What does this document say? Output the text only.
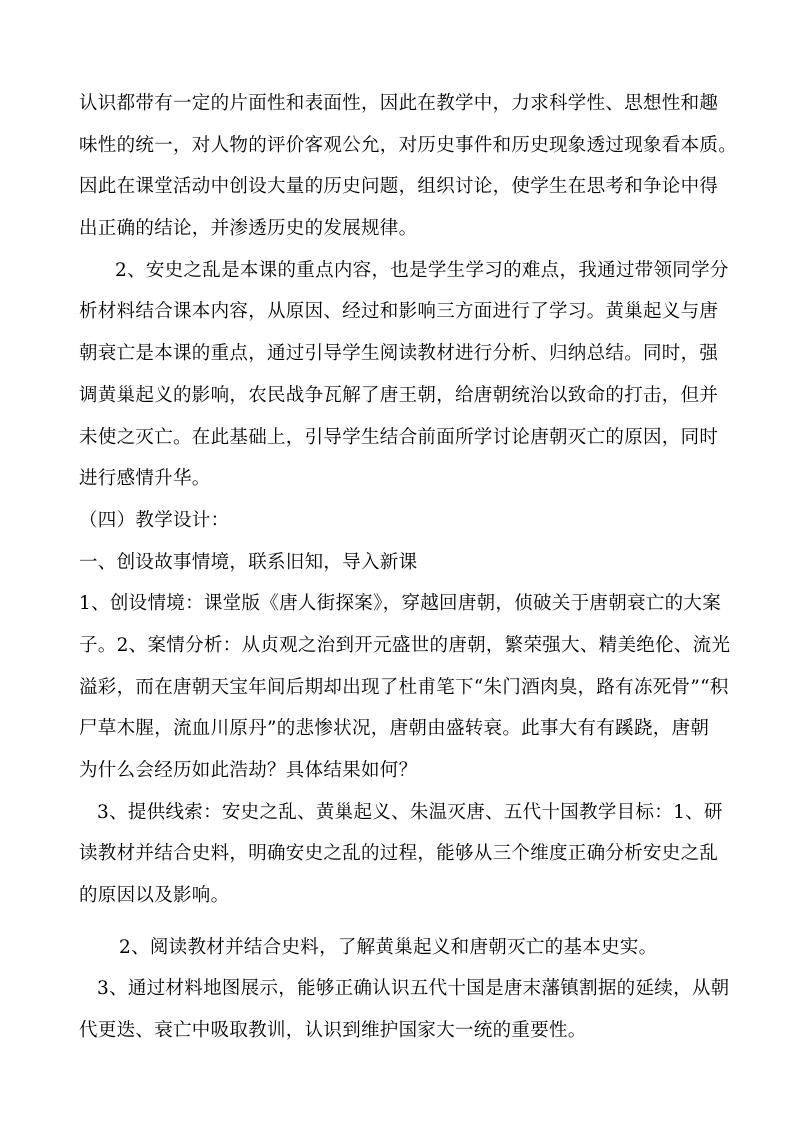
认识都带有一定的片面性和表面性，因此在教学中，力求科学性、思想性和趣
味性的统一，对人物的评价客观公允，对历史事件和历史现象透过现象看本质。
因此在课堂活动中创设大量的历史问题，组织讨论，使学生在思考和争论中得
出正确的结论，并渗透历史的发展规律。
2、安史之乱是本课的重点内容，也是学生学习的难点，我通过带领同学分
析材料结合课本内容，从原因、经过和影响三方面进行了学习。黄巢起义与唐
朝衰亡是本课的重点，通过引导学生阅读教材进行分析、归纳总结。同时，强
调黄巢起义的影响，农民战争瓦解了唐王朝，给唐朝统治以致命的打击，但并
未使之灭亡。在此基础上，引导学生结合前面所学讨论唐朝灭亡的原因，同时
进行感情升华。
（四）教学设计：
一、创设故事情境，联系旧知，导入新课
1、创设情境：课堂版《唐人街探案》，穿越回唐朝，侦破关于唐朝衰亡的大案
子。2、案情分析：从贞观之治到开元盛世的唐朝，繁荣强大、精美绝伦、流光
溢彩，而在唐朝天宝年间后期却出现了杜甫笔下“朱门酒肉臭，路有冻死骨”“积
尸草木腥，流血川原丹”的悲惨状况，唐朝由盛转衰。此事大有有蹊跷，唐朝
为什么会经历如此浩劫？具体结果如何？
3、提供线索：安史之乱、黄巢起义、朱温灭唐、五代十国教学目标：1、研
读教材并结合史料，明确安史之乱的过程，能够从三个维度正确分析安史之乱
的原因以及影响。
2、阅读教材并结合史料，了解黄巢起义和唐朝灭亡的基本史实。
3、通过材料地图展示，能够正确认识五代十国是唐末藩镇割据的延续，从朝
代更迭、衰亡中吸取教训，认识到维护国家大一统的重要性。
